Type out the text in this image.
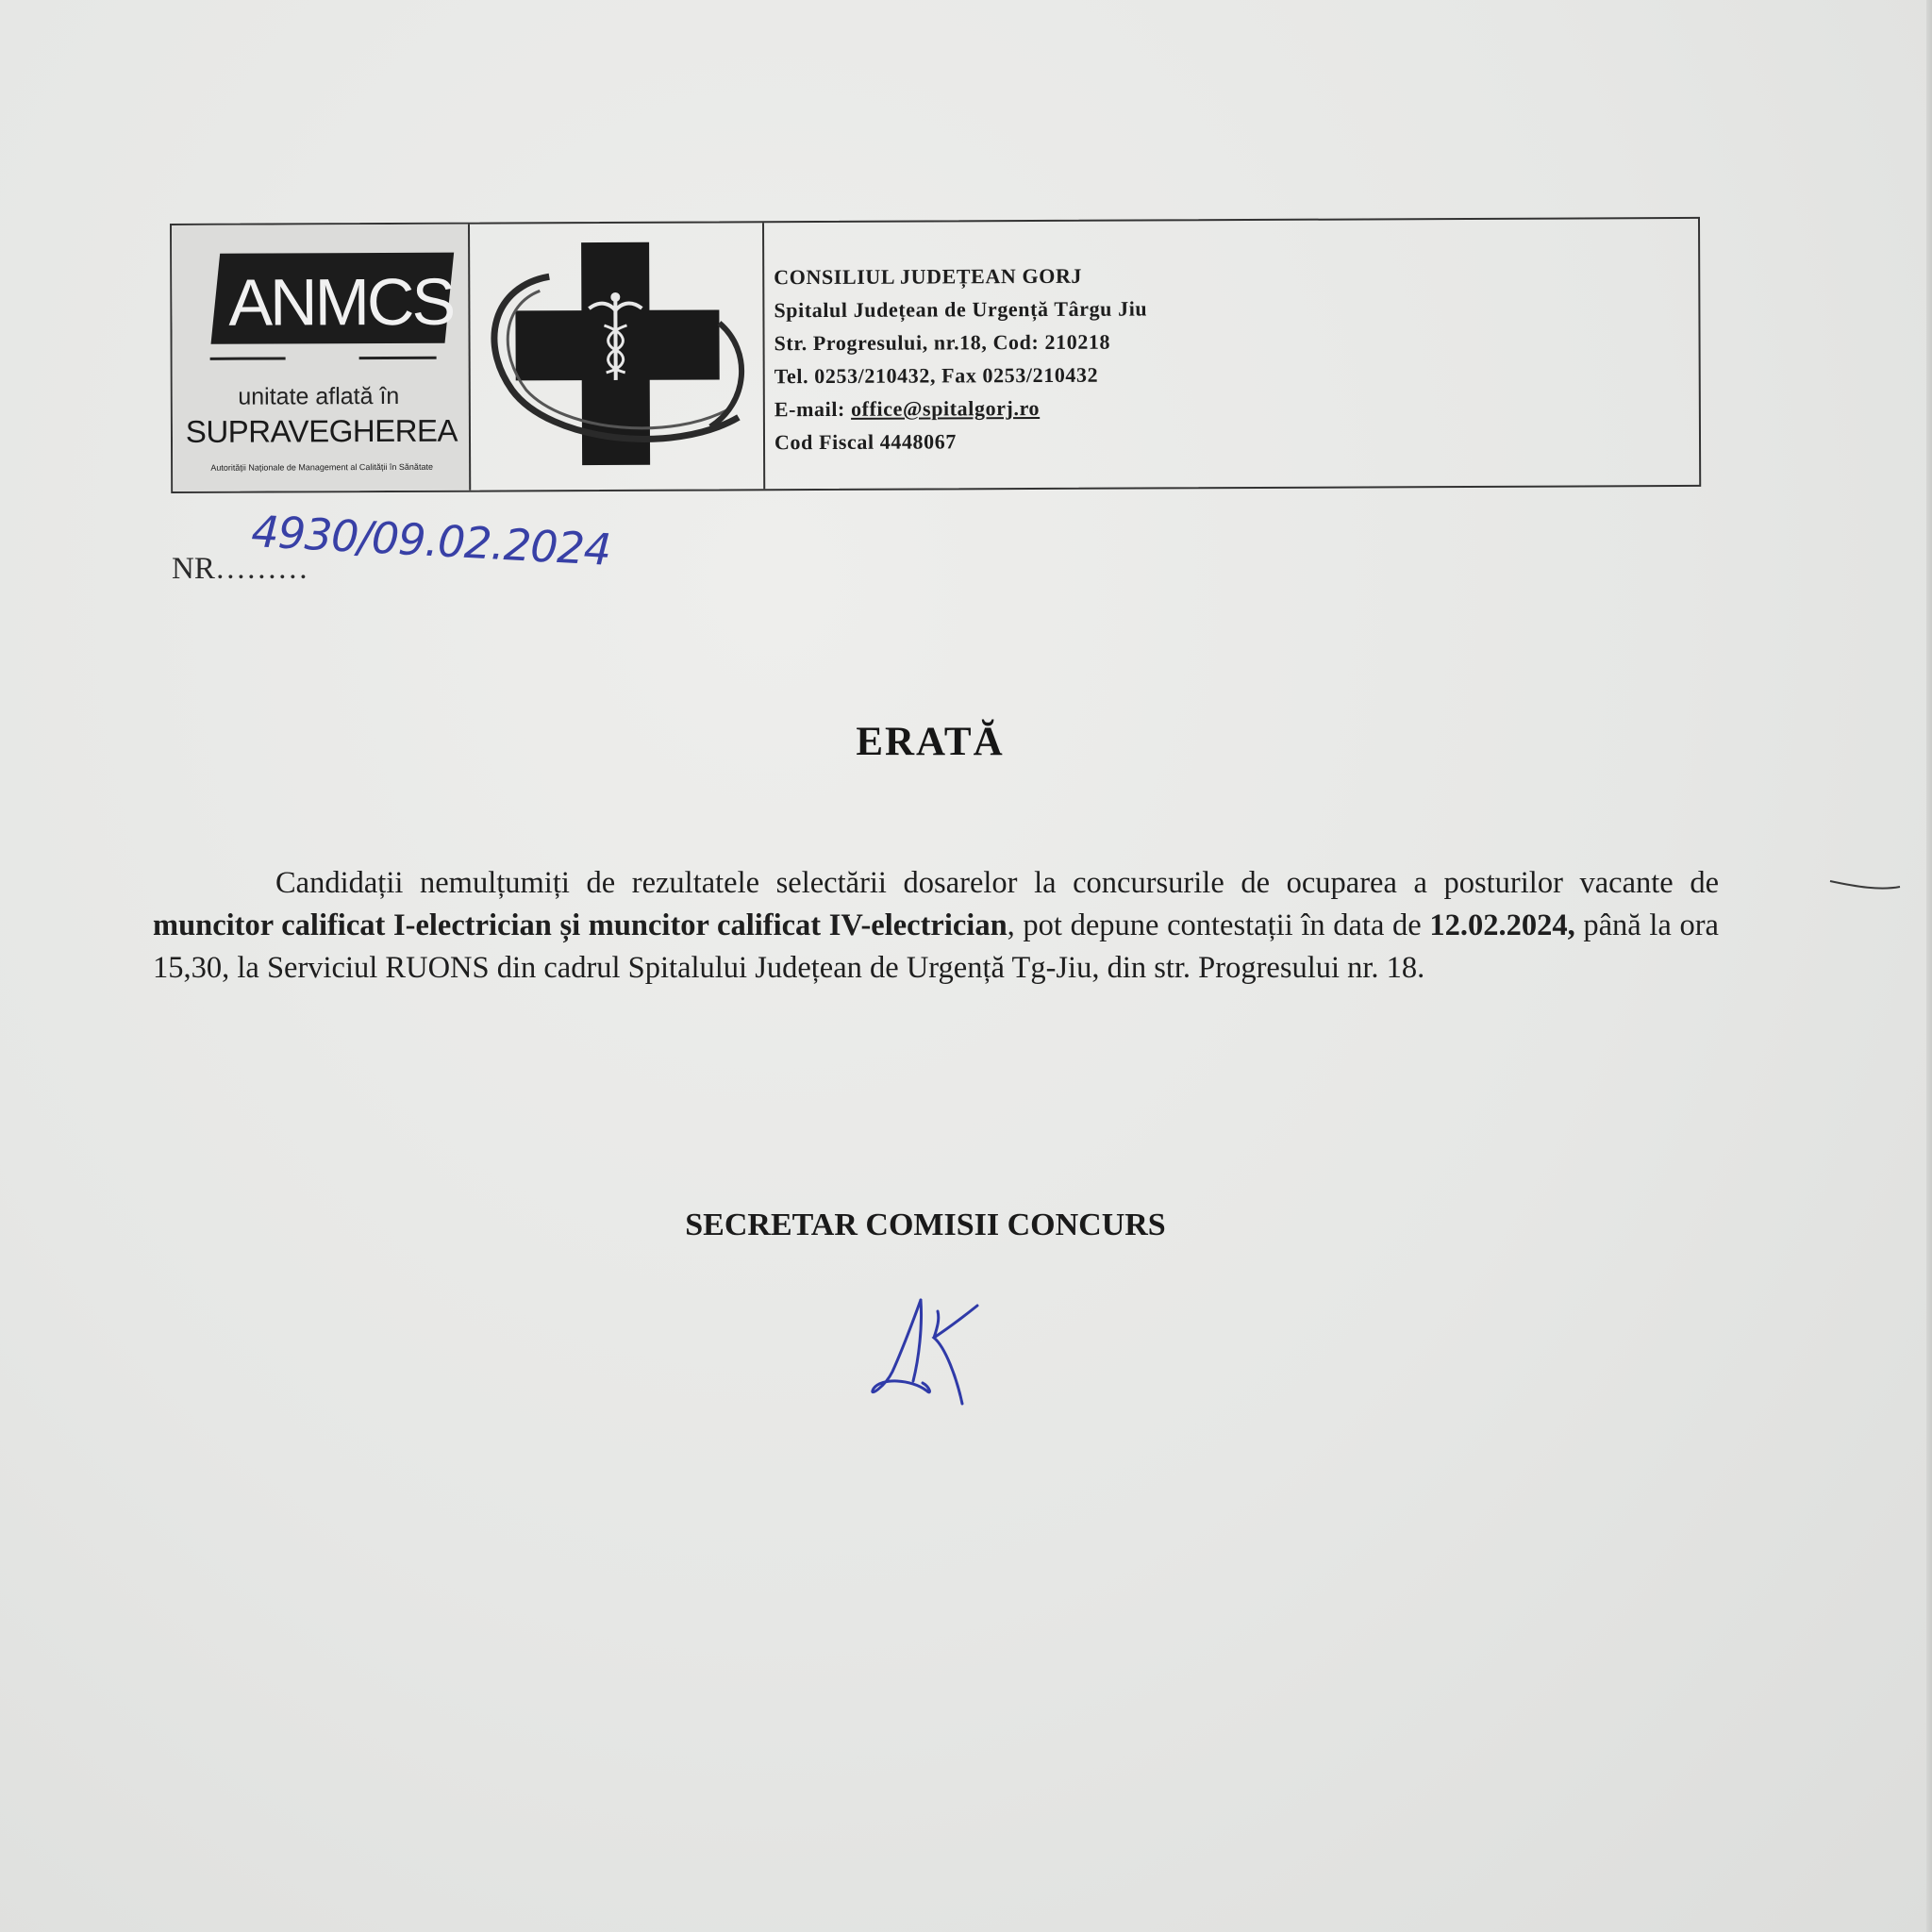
ANMCS
unitate aflată în
SUPRAVEGHEREA
Autorității Naționale de Management al Calității în Sănătate
CONSILIUL JUDEȚEAN GORJ
Spitalul Județean de Urgență Târgu Jiu
Str. Progresului, nr.18, Cod: 210218
Tel. 0253/210432, Fax 0253/210432
E-mail: office@spitalgorj.ro
Cod Fiscal 4448067
NR………
4930/09.02.2024
ERATĂ
Candidații nemulțumiți de rezultatele selectării dosarelor la concursurile de ocuparea a posturilor vacante de muncitor calificat I-electrician și muncitor calificat IV-electrician, pot depune contestații în data de 12.02.2024, până la ora 15,30, la Serviciul RUONS din cadrul Spitalului Județean de Urgență Tg-Jiu, din str. Progresului nr. 18.
SECRETAR COMISII CONCURS
